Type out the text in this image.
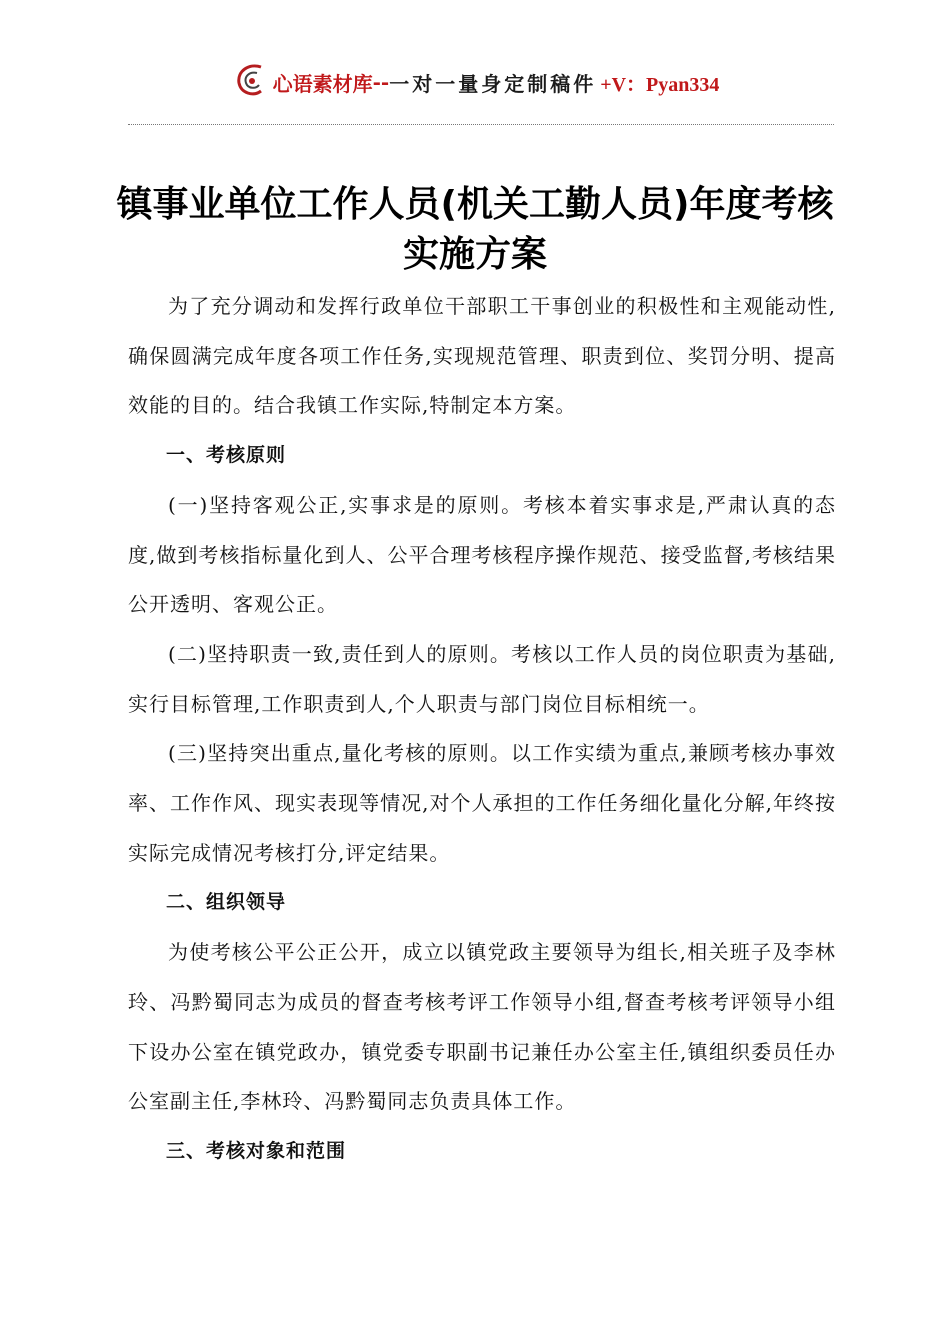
心语素材库 -- 一对一量身定制稿件 +V：Pyan334
镇事业单位工作人员(机关工勤人员)年度考核
实施方案

为了充分调动和发挥行政单位干部职工干事创业的积极性和主观能动性,确保圆满完成年度各项工作任务,实现规范管理、职责到位、奖罚分明、提高效能的目的。结合我镇工作实际,特制定本方案。

一、考核原则

(一)坚持客观公正,实事求是的原则。考核本着实事求是,严肃认真的态度,做到考核指标量化到人、公平合理考核程序操作规范、接受监督,考核结果公开透明、客观公正。

(二)坚持职责一致,责任到人的原则。考核以工作人员的岗位职责为基础,实行目标管理,工作职责到人,个人职责与部门岗位目标相统一。

(三)坚持突出重点,量化考核的原则。以工作实绩为重点,兼顾考核办事效率、工作作风、现实表现等情况,对个人承担的工作任务细化量化分解,年终按实际完成情况考核打分,评定结果。

二、组织领导

为使考核公平公正公开，成立以镇党政主要领导为组长,相关班子及李林玲、冯黔蜀同志为成员的督查考核考评工作领导小组,督查考核考评领导小组下设办公室在镇党政办，镇党委专职副书记兼任办公室主任,镇组织委员任办公室副主任,李林玲、冯黔蜀同志负责具体工作。

三、考核对象和范围
